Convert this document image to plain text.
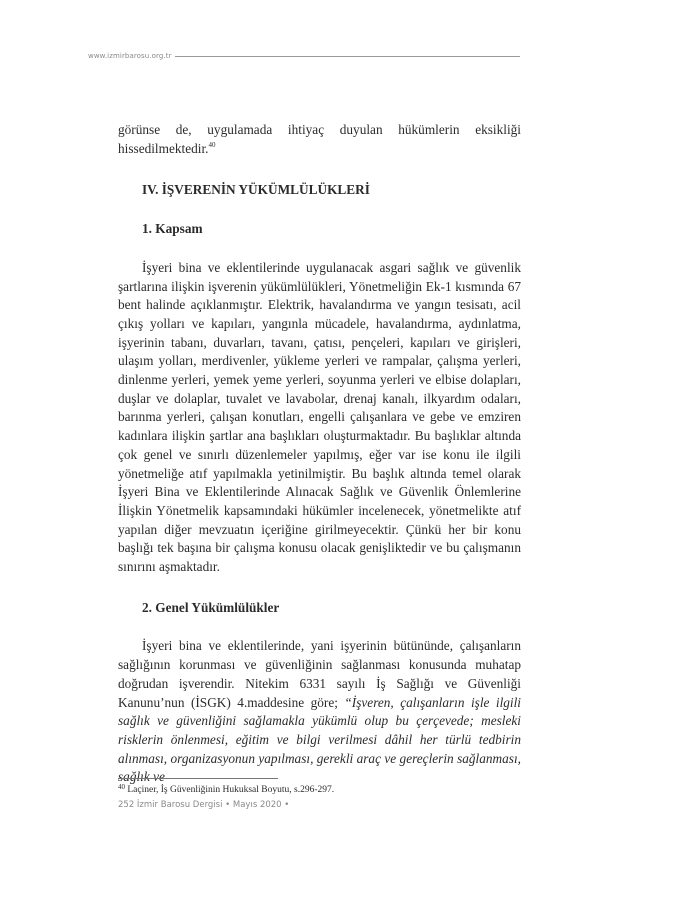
www.izmirbarosu.org.tr

görünse de, uygulamada ihtiyaç duyulan hükümlerin eksikliği hissedilmektedir.$^{40}$

IV. İŞVERENİN YÜKÜMLÜLÜKLERİ
1. Kapsam

İşyeri bina ve eklentilerinde uygulanacak asgari sağlık ve güvenlik şartlarına ilişkin işverenin yükümlülükleri, Yönetmeliğin Ek-1 kısmında 67 bent halinde açıklanmıştır. Elektrik, havalandırma ve yangın tesisatı, acil çıkış yolları ve kapıları, yangınla mücadele, havalandırma, aydınlatma, işyerinin tabanı, duvarları, tavanı, çatısı, pençeleri, kapıları ve girişleri, ulaşım yolları, merdivenler, yükleme yerleri ve rampalar, çalışma yerleri, dinlenme yerleri, yemek yeme yerleri, soyunma yerleri ve elbise dolapları, duşlar ve dolaplar, tuvalet ve lavabolar, drenaj kanalı, ilkyardım odaları, barınma yerleri, çalışan konutları, engelli çalışanlara ve gebe ve emziren kadınlara ilişkin şartlar ana başlıkları oluşturmaktadır. Bu başlıklar altında çok genel ve sınırlı düzenlemeler yapılmış, eğer var ise konu ile ilgili yönetmeliğe atıf yapılmakla yetinilmiştir. Bu başlık altında temel olarak İşyeri Bina ve Eklentilerinde Alınacak Sağlık ve Güvenlik Önlemlerine İlişkin Yönetmelik kapsamındaki hükümler incelenecek, yönetmelikte atıf yapılan diğer mevzuatın içeriğine girilmeyecektir. Çünkü her bir konu başlığı tek başına bir çalışma konusu olacak genişliktedir ve bu çalışmanın sınırını aşmaktadır.

2. Genel Yükümlülükler

İşyeri bina ve eklentilerinde, yani işyerinin bütününde, çalışanların sağlığının korunması ve güvenliğinin sağlanması konusunda muhatap doğrudan işverendir. Nitekim 6331 sayılı İş Sağlığı ve Güvenliği Kanunu’nun (İSGK) 4.maddesine göre; “İşveren, çalışanların işle ilgili sağlık ve güvenliğini sağlamakla yükümlü olup bu çerçevede; mesleki risklerin önlenmesi, eğitim ve bilgi verilmesi dâhil her türlü tedbirin alınması, organizasyonun yapılması, gerekli araç ve gereçlerin sağlanması, sağlık ve

$^{40}$ Laçiner, İş Güvenliğinin Hukuksal Boyutu, s.296-297.
252 İzmir Barosu Dergisi • Mayıs 2020 •
